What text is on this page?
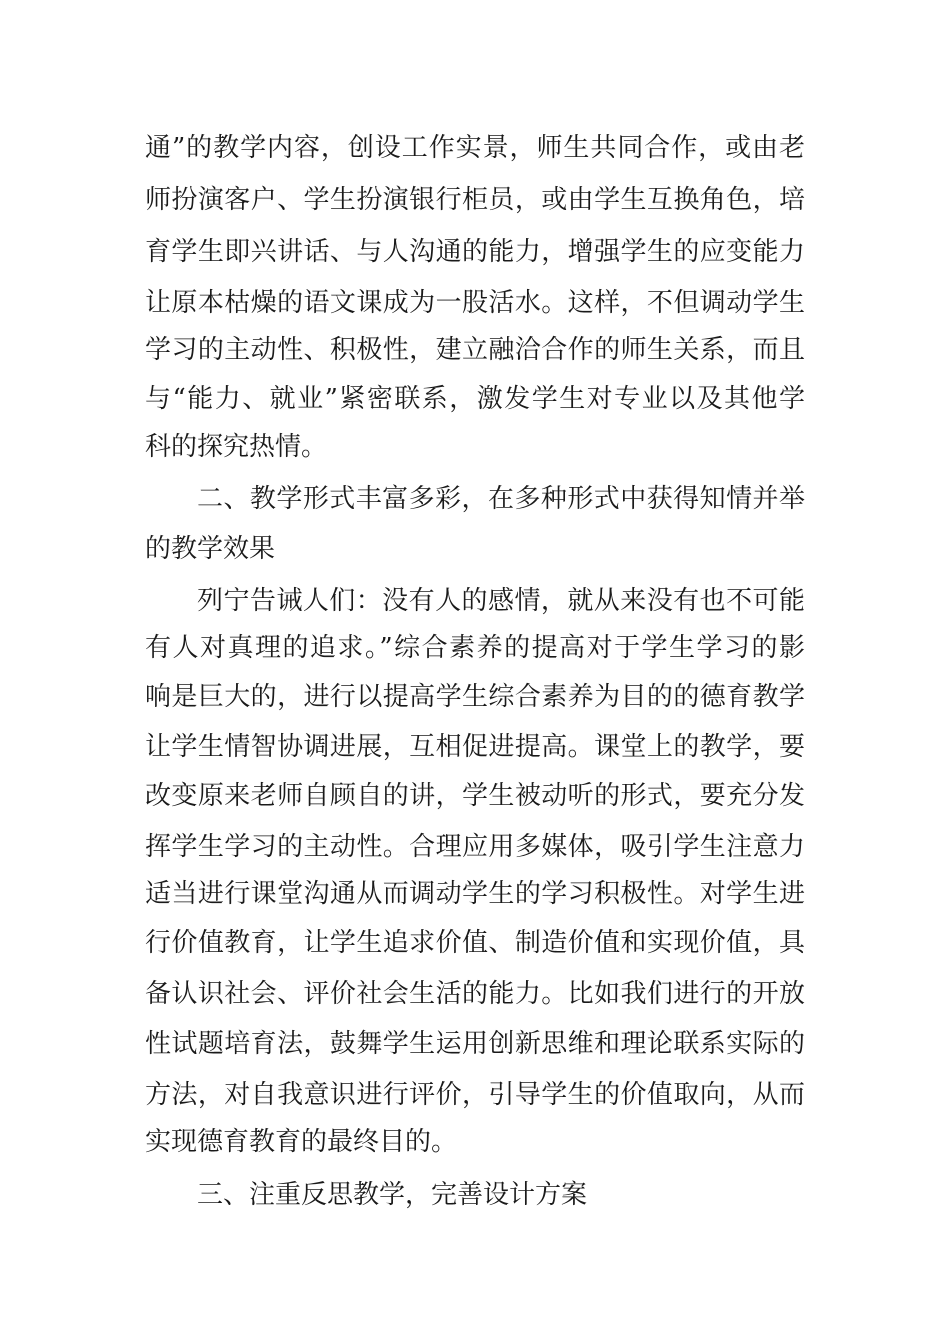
通”的教学内容，创设工作实景，师生共同合作，或由老
师扮演客户、学生扮演银行柜员，或由学生互换角色，培
育学生即兴讲话、与人沟通的能力，增强学生的应变能力
让原本枯燥的语文课成为一股活水。这样，不但调动学生
学习的主动性、积极性，建立融洽合作的师生关系，而且
与“能力、就业”紧密联系，激发学生对专业以及其他学
科的探究热情。
二、教学形式丰富多彩，在多种形式中获得知情并举
的教学效果
列宁告诫人们：没有人的感情，就从来没有也不可能
有人对真理的追求。”综合素养的提高对于学生学习的影
响是巨大的，进行以提高学生综合素养为目的的德育教学
让学生情智协调进展，互相促进提高。课堂上的教学，要
改变原来老师自顾自的讲，学生被动听的形式，要充分发
挥学生学习的主动性。合理应用多媒体，吸引学生注意力
适当进行课堂沟通从而调动学生的学习积极性。对学生进
行价值教育，让学生追求价值、制造价值和实现价值，具
备认识社会、评价社会生活的能力。比如我们进行的开放
性试题培育法，鼓舞学生运用创新思维和理论联系实际的
方法，对自我意识进行评价，引导学生的价值取向，从而
实现德育教育的最终目的。
三、注重反思教学，完善设计方案
